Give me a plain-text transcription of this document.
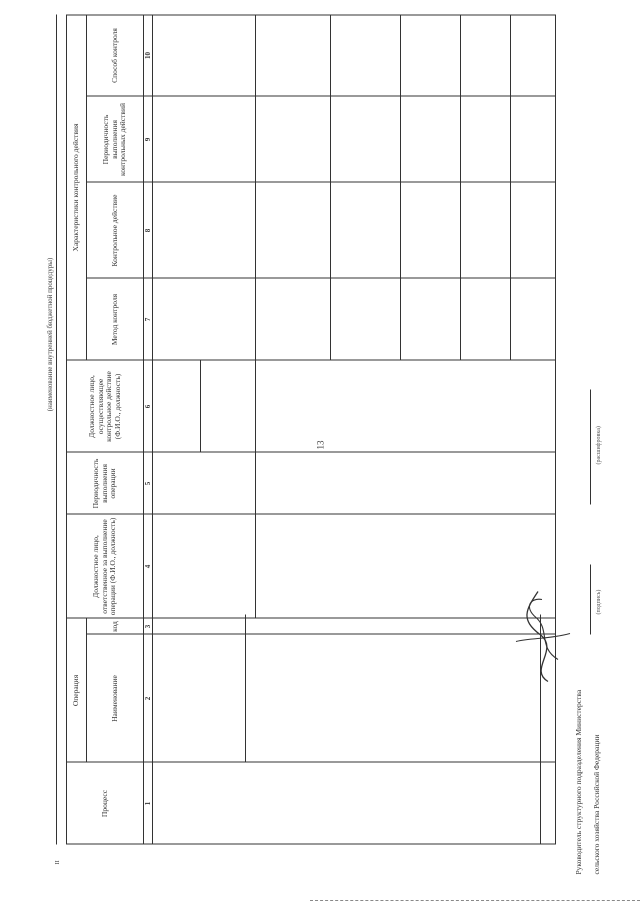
II
(наименование внутренней бюджетной процедуры)
Процесс
Операция	Наименование
код
Должностное лицо, ответственное за выполнение операции (Ф.И.О., должность)
Периодичность выполнения операции
Должностное лицо, осуществляющее контрольное действие (Ф.И.О., должность)
Характеристики контрольного действия
Метод контроля
Контрольное действие
Периодичность выполнения контрольных действий
Способ контроля
1
2
3
4
5
6
7
8
9
10
Руководитель структурного подразделения Министерства сельского хозяйства Российской Федерации
(подпись)
(расшифровка)
13
